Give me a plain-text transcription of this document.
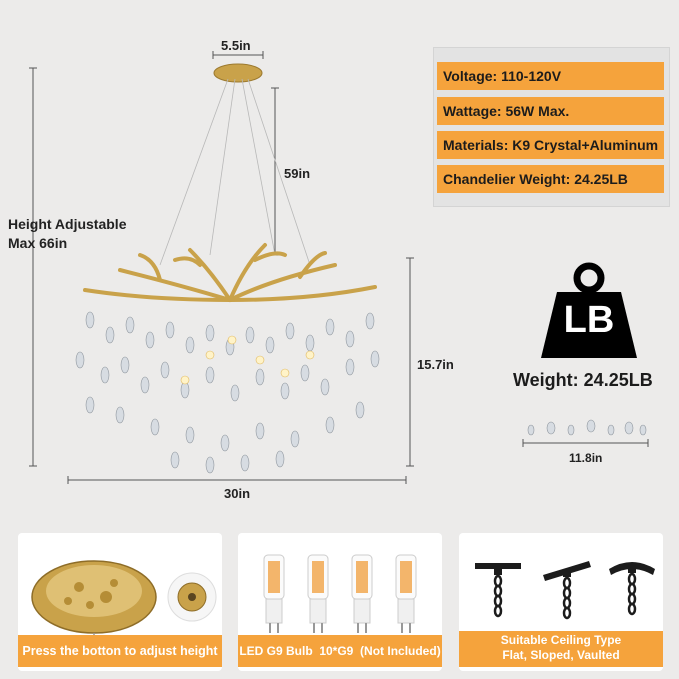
5.5in
59in
Height Adjustable
Max 66in
15.7in
30in
11.8in
Voltage: 110-120V
Wattage: 56W Max.
Materials: K9 Crystal+Aluminum
Chandelier Weight: 24.25LB
LB
Weight: 24.25LB
Press the botton to adjust height	LED G9 Bulb 10*G9 (Not Included)
Suitable Ceiling Type
Flat, Sloped, Vaulted
